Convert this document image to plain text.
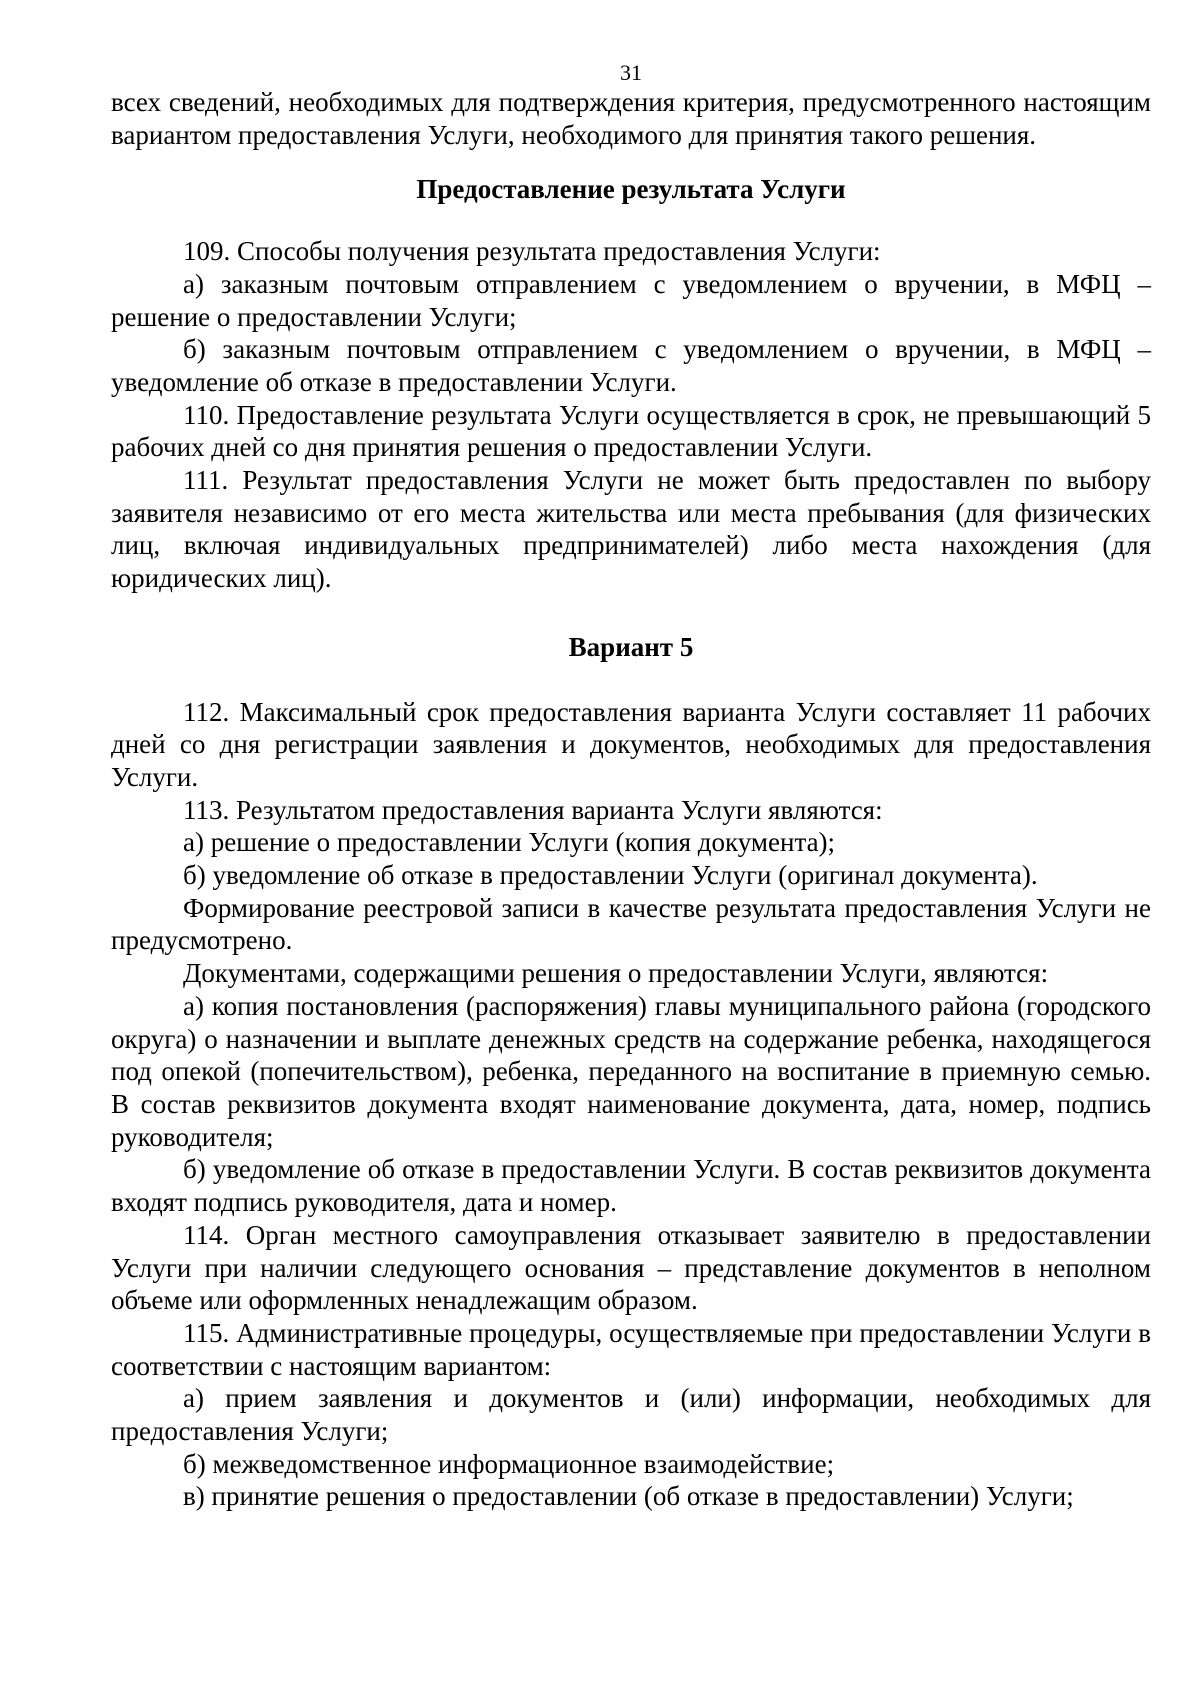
31

всех сведений, необходимых для подтверждения критерия, предусмотренного настоящим вариантом предоставления Услуги, необходимого для принятия такого решения.

Предоставление результата Услуги

109. Способы получения результата предоставления Услуги:

а) заказным почтовым отправлением с уведомлением о вручении, в МФЦ – решение о предоставлении Услуги;

б) заказным почтовым отправлением с уведомлением о вручении, в МФЦ – уведомление об отказе в предоставлении Услуги.

110. Предоставление результата Услуги осуществляется в срок, не превышающий 5 рабочих дней со дня принятия решения о предоставлении Услуги.

111. Результат предоставления Услуги не может быть предоставлен по выбору заявителя независимо от его места жительства или места пребывания (для физических лиц, включая индивидуальных предпринимателей) либо места нахождения (для юридических лиц).

Вариант 5

112. Максимальный срок предоставления варианта Услуги составляет 11 рабочих дней со дня регистрации заявления и документов, необходимых для предоставления Услуги.

113. Результатом предоставления варианта Услуги являются:

а) решение о предоставлении Услуги (копия документа);

б) уведомление об отказе в предоставлении Услуги (оригинал документа).

Формирование реестровой записи в качестве результата предоставления Услуги не предусмотрено.

Документами, содержащими решения о предоставлении Услуги, являются:

а) копия постановления (распоряжения) главы муниципального района (городского округа) о назначении и выплате денежных средств на содержание ребенка, находящегося под опекой (попечительством), ребенка, переданного на воспитание в приемную семью. В состав реквизитов документа входят наименование документа, дата, номер, подпись руководителя;

б) уведомление об отказе в предоставлении Услуги. В состав реквизитов документа входят подпись руководителя, дата и номер.

114. Орган местного самоуправления отказывает заявителю в предоставлении Услуги при наличии следующего основания – представление документов в неполном объеме или оформленных ненадлежащим образом.

115. Административные процедуры, осуществляемые при предоставлении Услуги в соответствии с настоящим вариантом:

а) прием заявления и документов и (или) информации, необходимых для предоставления Услуги;

б) межведомственное информационное взаимодействие;

в) принятие решения о предоставлении (об отказе в предоставлении) Услуги;
